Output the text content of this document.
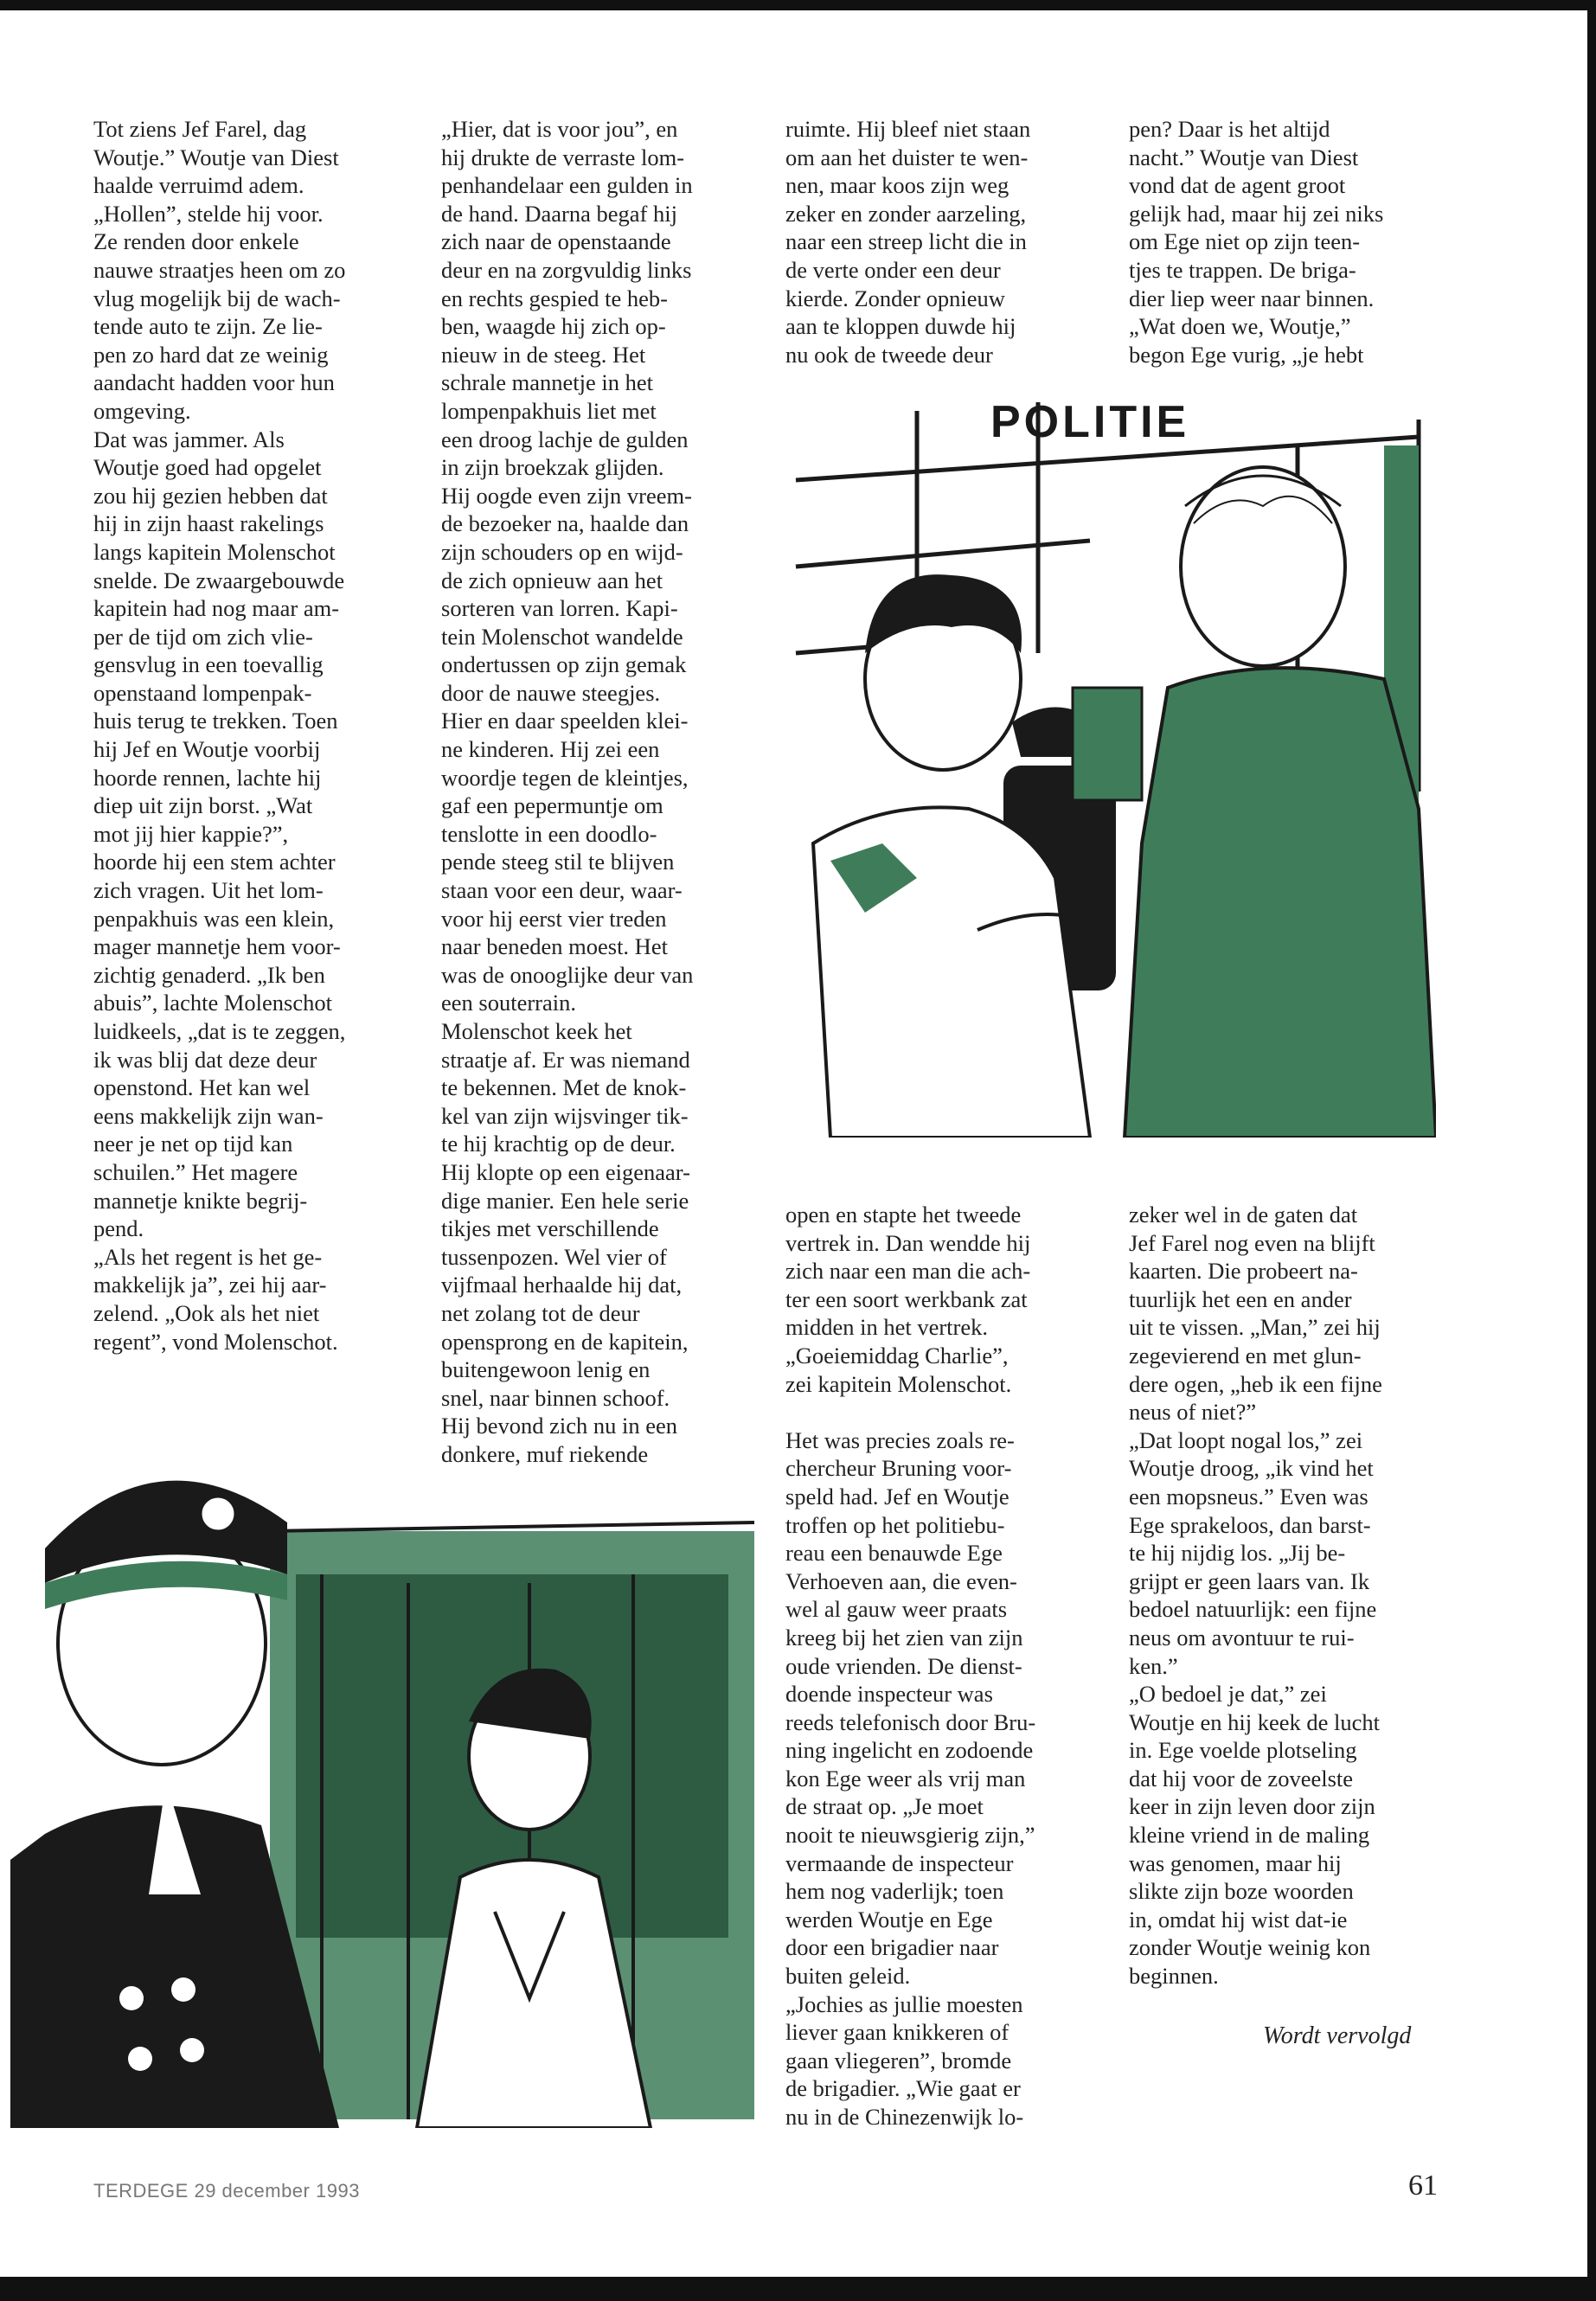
Tot ziens Jef Farel, dag
Woutje.” Woutje van Diest
haalde verruimd adem.
„Hollen”, stelde hij voor.
Ze renden door enkele
nauwe straatjes heen om zo
vlug mogelijk bij de wach-
tende auto te zijn. Ze lie-
pen zo hard dat ze weinig
aandacht hadden voor hun
omgeving.
Dat was jammer. Als
Woutje goed had opgelet
zou hij gezien hebben dat
hij in zijn haast rakelings
langs kapitein Molenschot
snelde. De zwaargebouwde
kapitein had nog maar am-
per de tijd om zich vlie-
gensvlug in een toevallig
openstaand lompenpak-
huis terug te trekken. Toen
hij Jef en Woutje voorbij
hoorde rennen, lachte hij
diep uit zijn borst. „Wat
mot jij hier kappie?”,
hoorde hij een stem achter
zich vragen. Uit het lom-
penpakhuis was een klein,
mager mannetje hem voor-
zichtig genaderd. „Ik ben
abuis”, lachte Molenschot
luidkeels, „dat is te zeggen,
ik was blij dat deze deur
openstond. Het kan wel
eens makkelijk zijn wan-
neer je net op tijd kan
schuilen.” Het magere
mannetje knikte begrij-
pend.
„Als het regent is het ge-
makkelijk ja”, zei hij aar-
zelend. „Ook als het niet
regent”, vond Molenschot.
„Hier, dat is voor jou”, en
hij drukte de verraste lom-
penhandelaar een gulden in
de hand. Daarna begaf hij
zich naar de openstaande
deur en na zorgvuldig links
en rechts gespied te heb-
ben, waagde hij zich op-
nieuw in de steeg. Het
schrale mannetje in het
lompenpakhuis liet met
een droog lachje de gulden
in zijn broekzak glijden.
Hij oogde even zijn vreem-
de bezoeker na, haalde dan
zijn schouders op en wijd-
de zich opnieuw aan het
sorteren van lorren. Kapi-
tein Molenschot wandelde
ondertussen op zijn gemak
door de nauwe steegjes.
Hier en daar speelden klei-
ne kinderen. Hij zei een
woordje tegen de kleintjes,
gaf een pepermuntje om
tenslotte in een doodlo-
pende steeg stil te blijven
staan voor een deur, waar-
voor hij eerst vier treden
naar beneden moest. Het
was de onooglijke deur van
een souterrain.
Molenschot keek het
straatje af. Er was niemand
te bekennen. Met de knok-
kel van zijn wijsvinger tik-
te hij krachtig op de deur.
Hij klopte op een eigenaar-
dige manier. Een hele serie
tikjes met verschillende
tussenpozen. Wel vier of
vijfmaal herhaalde hij dat,
net zolang tot de deur
opensprong en de kapitein,
buitengewoon lenig en
snel, naar binnen schoof.
Hij bevond zich nu in een
donkere, muf riekende
ruimte. Hij bleef niet staan
om aan het duister te wen-
nen, maar koos zijn weg
zeker en zonder aarzeling,
naar een streep licht die in
de verte onder een deur
kierde. Zonder opnieuw
aan te kloppen duwde hij
nu ook de tweede deur
pen? Daar is het altijd
nacht.” Woutje van Diest
vond dat de agent groot
gelijk had, maar hij zei niks
om Ege niet op zijn teen-
tjes te trappen. De briga-
dier liep weer naar binnen.
„Wat doen we, Woutje,”
begon Ege vurig, „je hebt
open en stapte het tweede
vertrek in. Dan wendde hij
zich naar een man die ach-
ter een soort werkbank zat
midden in het vertrek.
„Goeiemiddag Charlie”,
zei kapitein Molenschot.

Het was precies zoals re-
chercheur Bruning voor-
speld had. Jef en Woutje
troffen op het politiebu-
reau een benauwde Ege
Verhoeven aan, die even-
wel al gauw weer praats
kreeg bij het zien van zijn
oude vrienden. De dienst-
doende inspecteur was
reeds telefonisch door Bru-
ning ingelicht en zodoende
kon Ege weer als vrij man
de straat op. „Je moet
nooit te nieuwsgierig zijn,”
vermaande de inspecteur
hem nog vaderlijk; toen
werden Woutje en Ege
door een brigadier naar
buiten geleid.
„Jochies as jullie moesten
liever gaan knikkeren of
gaan vliegeren”, bromde
de brigadier. „Wie gaat er
nu in de Chinezenwijk lo-
zeker wel in de gaten dat
Jef Farel nog even na blijft
kaarten. Die probeert na-
tuurlijk het een en ander
uit te vissen. „Man,” zei hij
zegevierend en met glun-
dere ogen, „heb ik een fijne
neus of niet?”
„Dat loopt nogal los,” zei
Woutje droog, „ik vind het
een mopsneus.” Even was
Ege sprakeloos, dan barst-
te hij nijdig los. „Jij be-
grijpt er geen laars van. Ik
bedoel natuurlijk: een fijne
neus om avontuur te rui-
ken.”
„O bedoel je dat,” zei
Woutje en hij keek de lucht
in. Ege voelde plotseling
dat hij voor de zoveelste
keer in zijn leven door zijn
kleine vriend in de maling
was genomen, maar hij
slikte zijn boze woorden
in, omdat hij wist dat-ie
zonder Woutje weinig kon
beginnen.
Wordt vervolgd
POLITIE
TERDEGE 29 december 1993	61
